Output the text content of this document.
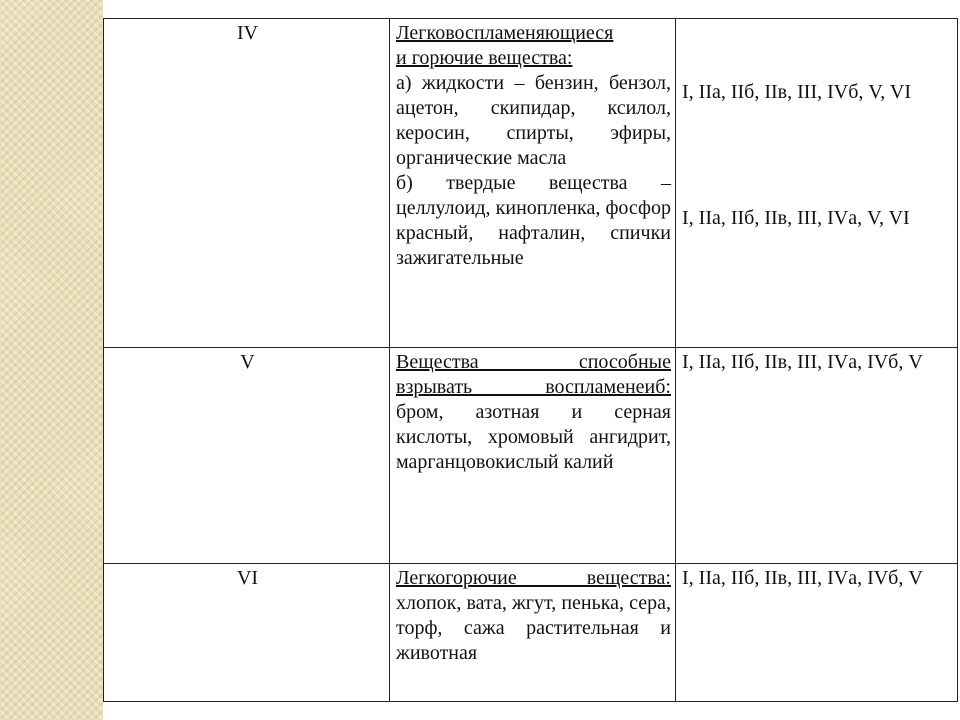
IV	Легковоспламеняющиеся
и горючие вещества:
а) жидкости – бензин, бензол, ацетон, скипидар, ксилол, керосин, спирты, эфиры, органические масла
б) твердые вещества – целлулоид, кинопленка, фосфор красный, нафталин, спички зажигательные	I, IIа, IIб, IIв, III, IVб, V, VI
I, IIа, IIб, IIв, III, IVа, V, VI

V	Вещества способные
взрывать воспламенеиб:
бром, азотная и серная кислоты, хромовый ангидрит, марганцовокислый калий	I, IIа, IIб, IIв, III, IVа, IVб, V

VI	Легкогорючие вещества:
хлопок, вата, жгут, пенька, сера, торф, сажа растительная и животная	I, IIа, IIб, IIв, III, IVа, IVб, V
